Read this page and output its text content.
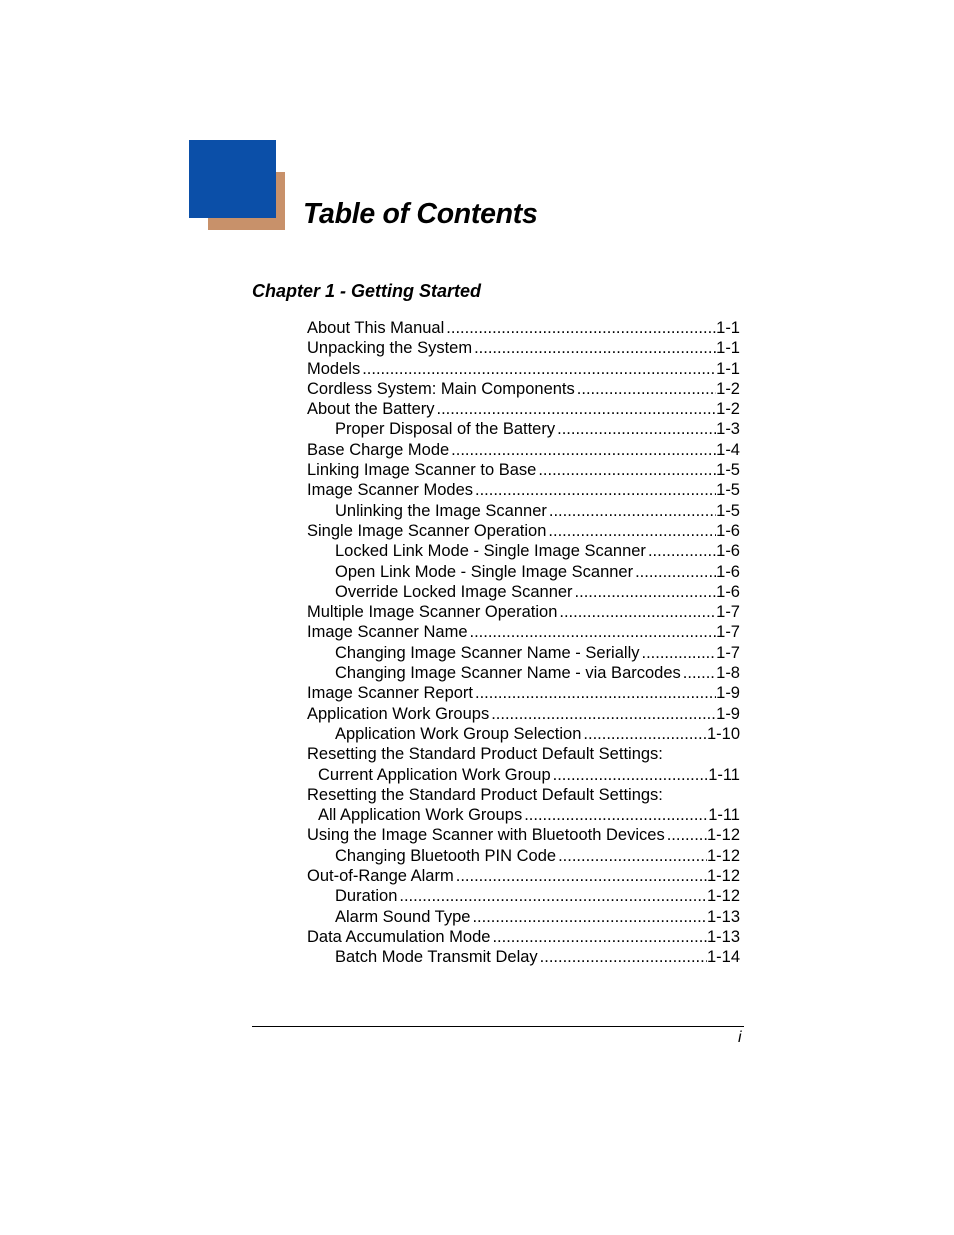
Table of Contents
Chapter 1 - Getting Started
About This Manual .....	1-1
Unpacking the System .....	1-1
Models .....	1-1
Cordless System: Main Components .....	1-2
About the Battery .....	1-2
Proper Disposal of the Battery .....	1-3
Base Charge Mode .....	1-4
Linking Image Scanner to Base .....	1-5
Image Scanner Modes .....	1-5
Unlinking the Image Scanner .....	1-5
Single Image Scanner Operation .....	1-6
Locked Link Mode - Single Image Scanner .....	1-6
Open Link Mode - Single Image Scanner .....	1-6
Override Locked Image Scanner .....	1-6
Multiple Image Scanner Operation .....	1-7
Image Scanner Name .....	1-7
Changing Image Scanner Name - Serially .....	1-7
Changing Image Scanner Name - via Barcodes ..... 1-8
Image Scanner Report .....	1-9
Application Work Groups .....	1-9
Application Work Group Selection .....	1-10
Resetting the Standard Product Default Settings:
Current Application Work Group .....	1-11
Resetting the Standard Product Default Settings:
All Application Work Groups .....	1-11
Using the Image Scanner with Bluetooth Devices .....	1-12
Changing Bluetooth PIN Code .....	1-12
Out-of-Range Alarm .....	1-12
Duration .....	1-12
Alarm Sound Type .....	1-13
Data Accumulation Mode .....	1-13
Batch Mode Transmit Delay .....	1-14
i
